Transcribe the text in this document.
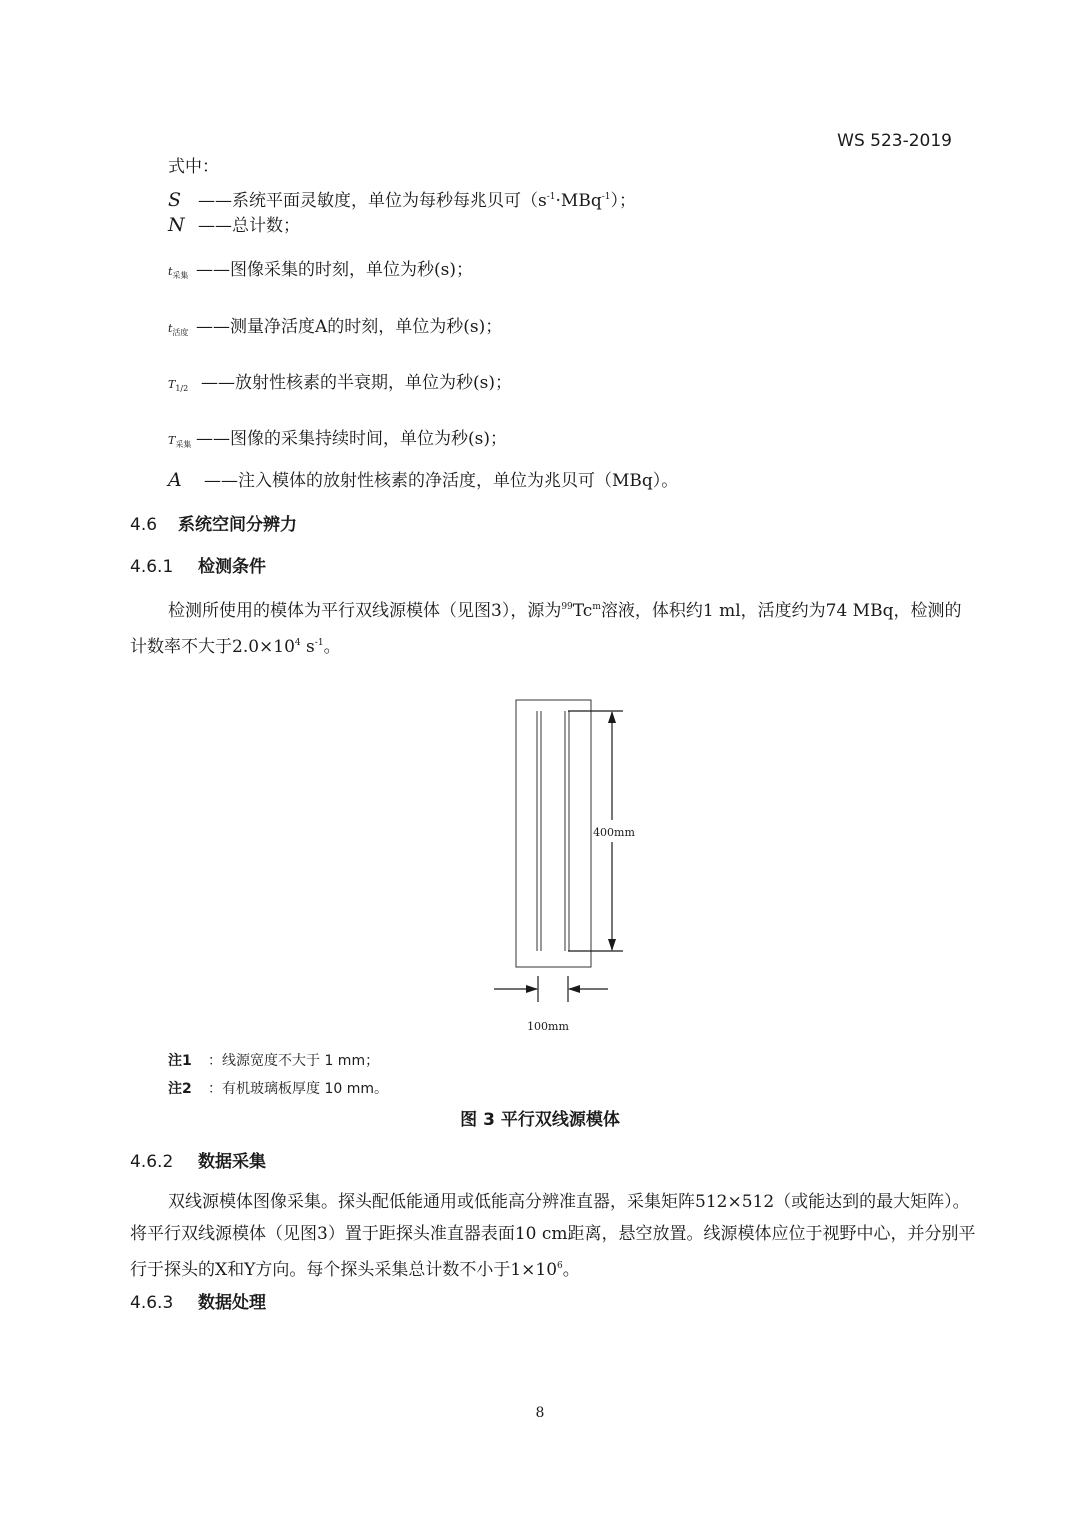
WS 523-2019
式中：
S ——系统平面灵敏度，单位为每秒每兆贝可$(s^{-1}\cdot MBq^{-1})$；
N ——总计数；
$t_{采集}$ ——图像采集的时刻，单位为秒(s)；
$t_{活度}$ ——测量净活度A的时刻，单位为秒(s)；
$T_{1/2}$ ——放射性核素的半衰期，单位为秒(s)；
$T_{采集}$ ——图像的采集持续时间，单位为秒(s)；
A ——注入模体的放射性核素的净活度，单位为兆贝可（MBq）。
4.6 系统空间分辨力
4.6.1 检测条件
检测所使用的模体为平行双线源模体（见图3），源为$^{99}$Tc$^m$溶液，体积约1 ml，活度约为74 MBq，检测的计数率不大于$2.0\times 10^4$ $s^{-1}$。
400mm
100mm
注1 ：线源宽度不大于 1 mm；
注2 ：有机玻璃板厚度 10 mm。
图 3 平行双线源模体
4.6.2 数据采集
双线源模体图像采集。探头配低能通用或低能高分辨准直器，采集矩阵512×512（或能达到的最大矩阵）。将平行双线源模体（见图3）置于距探头准直器表面10 cm距离，悬空放置。线源模体应位于视野中心，并分别平行于探头的X和Y方向。每个探头采集总计数不小于$1\times 10^6$。
4.6.3 数据处理
8
